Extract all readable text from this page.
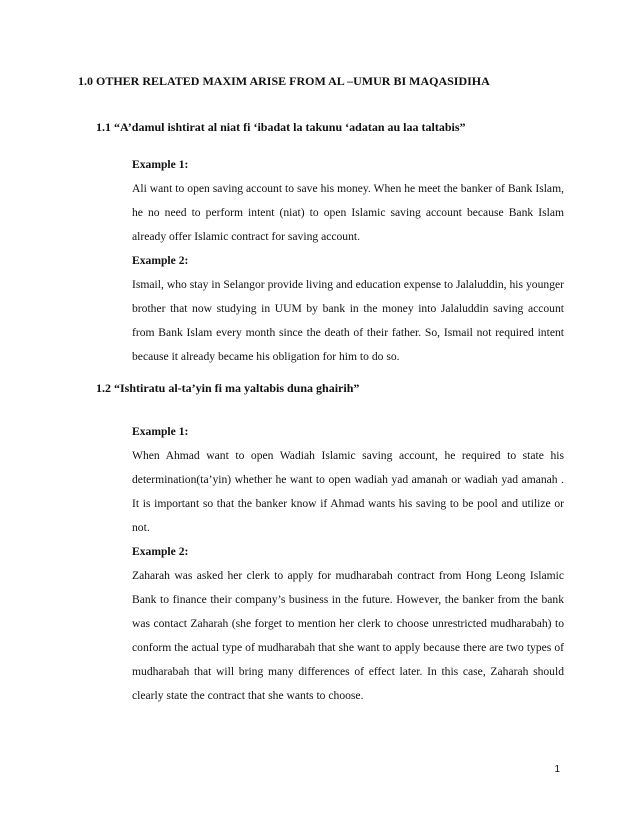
1.0 OTHER RELATED MAXIM ARISE FROM AL –UMUR BI MAQASIDIHA
1.1 “A’damul ishtirat al niat fi ‘ibadat la takunu ‘adatan au laa taltabis”
Example 1:

Ali want to open saving account to save his money. When he meet the banker of Bank Islam, he no need to perform intent (niat) to open Islamic saving account because Bank Islam already offer Islamic contract for saving account.

Example 2:

Ismail, who stay in Selangor provide living and education expense to Jalaluddin, his younger brother that now studying in UUM by bank in the money into Jalaluddin saving account from Bank Islam every month since the death of their father. So, Ismail not required intent because it already became his obligation for him to do so.

1.2 “Ishtiratu al-ta’yin fi ma yaltabis duna ghairih”
Example 1:

When Ahmad want to open Wadiah Islamic saving account, he required to state his determination(ta’yin) whether he want to open wadiah yad amanah or wadiah yad amanah . It is important so that the banker know if Ahmad wants his saving to be pool and utilize or not.

Example 2:

Zaharah was asked her clerk to apply for mudharabah contract from Hong Leong Islamic Bank to finance their company’s business in the future. However, the banker from the bank was contact Zaharah (she forget to mention her clerk to choose unrestricted mudharabah) to conform the actual type of mudharabah that she want to apply because there are two types of mudharabah that will bring many differences of effect later. In this case, Zaharah should clearly state the contract that she wants to choose.

1
